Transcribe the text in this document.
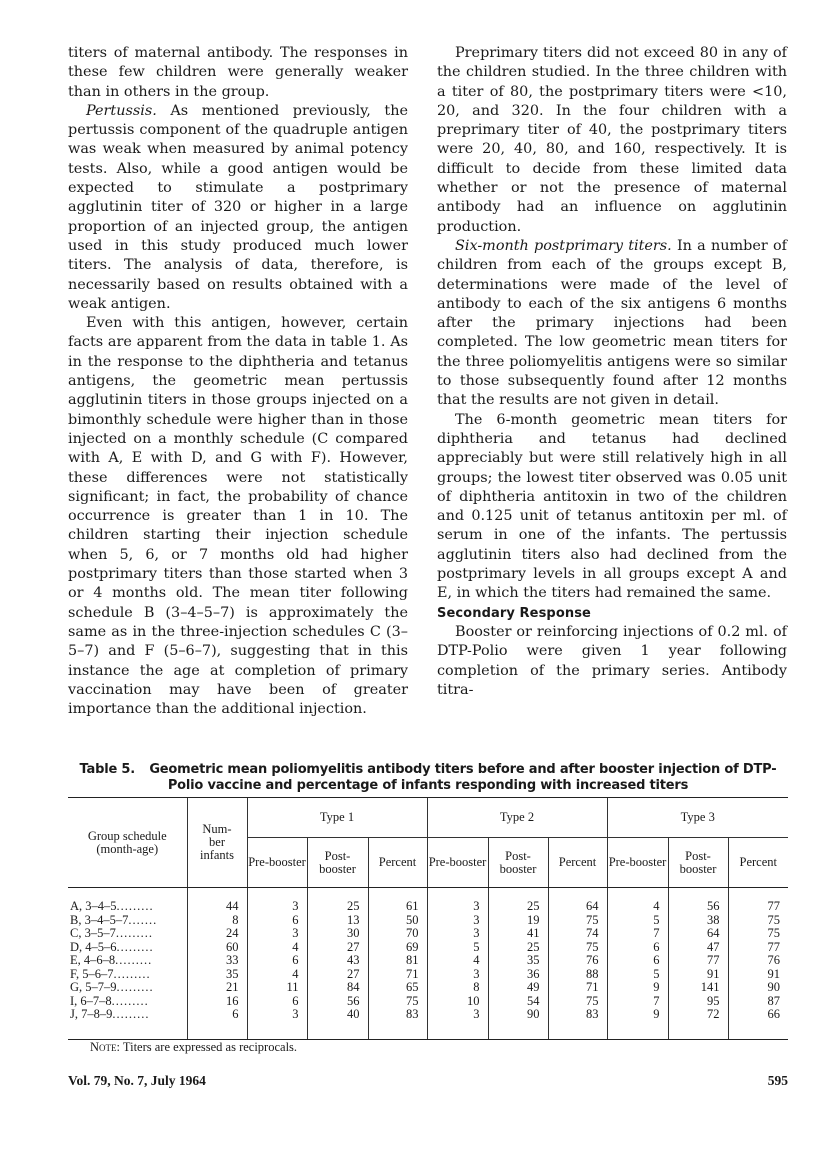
titers of maternal antibody. The responses in these few children were generally weaker than in others in the group.

Pertussis. As mentioned previously, the pertussis component of the quadruple antigen was weak when measured by animal potency tests. Also, while a good antigen would be expected to stimulate a postprimary agglutinin titer of 320 or higher in a large proportion of an injected group, the antigen used in this study produced much lower titers. The analysis of data, therefore, is necessarily based on results obtained with a weak antigen.

Even with this antigen, however, certain facts are apparent from the data in table 1. As in the response to the diphtheria and tetanus antigens, the geometric mean pertussis agglutinin titers in those groups injected on a bimonthly schedule were higher than in those injected on a monthly schedule (C compared with A, E with D, and G with F). However, these differences were not statistically significant; in fact, the probability of chance occurrence is greater than 1 in 10. The children starting their injection schedule when 5, 6, or 7 months old had higher postprimary titers than those started when 3 or 4 months old. The mean titer following schedule B (3–4–5–7) is approximately the same as in the three-injection schedules C (3–5–7) and F (5–6–7), suggesting that in this instance the age at completion of primary vaccination may have been of greater importance than the additional injection.

Preprimary titers did not exceed 80 in any of the children studied. In the three children with a titer of 80, the postprimary titers were <10, 20, and 320. In the four children with a preprimary titer of 40, the postprimary titers were 20, 40, 80, and 160, respectively. It is difficult to decide from these limited data whether or not the presence of maternal antibody had an influence on agglutinin production.

Six-month postprimary titers. In a number of children from each of the groups except B, determinations were made of the level of antibody to each of the six antigens 6 months after the primary injections had been completed. The low geometric mean titers for the three poliomyelitis antigens were so similar to those subsequently found after 12 months that the results are not given in detail.

The 6-month geometric mean titers for diphtheria and tetanus had declined appreciably but were still relatively high in all groups; the lowest titer observed was 0.05 unit of diphtheria antitoxin in two of the children and 0.125 unit of tetanus antitoxin per ml. of serum in one of the infants. The pertussis agglutinin titers also had declined from the postprimary levels in all groups except A and E, in which the titers had remained the same.

Secondary Response

Booster or reinforcing injections of 0.2 ml. of DTP-Polio were given 1 year following completion of the primary series. Antibody titra-

Table 5. Geometric mean poliomyelitis antibody titers before and after booster injection of DTP-Polio vaccine and percentage of infants responding with increased titers
Group schedule (month-age)	Num-ber infants	Type 1			Type 2			Type 3		
		Pre-booster	Post-booster	Percent	Pre-booster	Post-booster	Percent	Pre-booster	Post-booster	Percent
A, 3–4–5.........	44	3	25	61	3	25	64	4	56	77
B, 3–4–5–7.......	8	6	13	50	3	19	75	5	38	75
C, 3–5–7.........	24	3	30	70	3	41	74	7	64	75
D, 4–5–6.........	60	4	27	69	5	25	75	6	47	77
E, 4–6–8.........	33	6	43	81	4	35	76	6	77	76
F, 5–6–7.........	35	4	27	71	3	36	88	5	91	91
G, 5–7–9.........	21	11	84	65	8	49	71	9	141	90
I, 6–7–8.........	16	6	56	75	10	54	75	7	95	87
J, 7–8–9.........	6	3	40	83	3	90	83	9	72	66
Note: Titers are expressed as reciprocals.
Vol. 79, No. 7, July 1964	595
